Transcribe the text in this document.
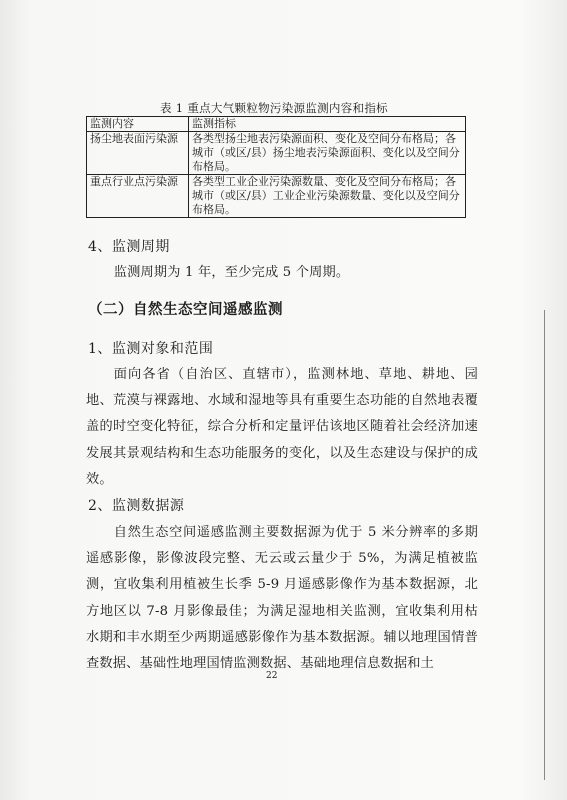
表 1 重点大气颗粒物污染源监测内容和指标
监测内容	监测指标
扬尘地表面污染源	各类型扬尘地表污染源面积、变化及空间分布格局；各城市（或区/县）扬尘地表污染源面积、变化以及空间分布格局。
重点行业点污染源	各类型工业企业污染源数量、变化及空间分布格局；各城市（或区/县）工业企业污染源数量、变化以及空间分布格局。
4、监测周期
监测周期为 1 年，至少完成 5 个周期。
（二）自然生态空间遥感监测
1、监测对象和范围
面向各省（自治区、直辖市），监测林地、草地、耕地、园地、荒漠与裸露地、水域和湿地等具有重要生态功能的自然地表覆盖的时空变化特征，综合分析和定量评估该地区随着社会经济加速发展其景观结构和生态功能服务的变化，以及生态建设与保护的成效。
2、监测数据源
自然生态空间遥感监测主要数据源为优于 5 米分辨率的多期遥感影像，影像波段完整、无云或云量少于 5%，为满足植被监测，宜收集利用植被生长季 5-9 月遥感影像作为基本数据源，北方地区以 7-8 月影像最佳；为满足湿地相关监测，宜收集利用枯水期和丰水期至少两期遥感影像作为基本数据源。辅以地理国情普查数据、基础性地理国情监测数据、基础地理信息数据和土
22
